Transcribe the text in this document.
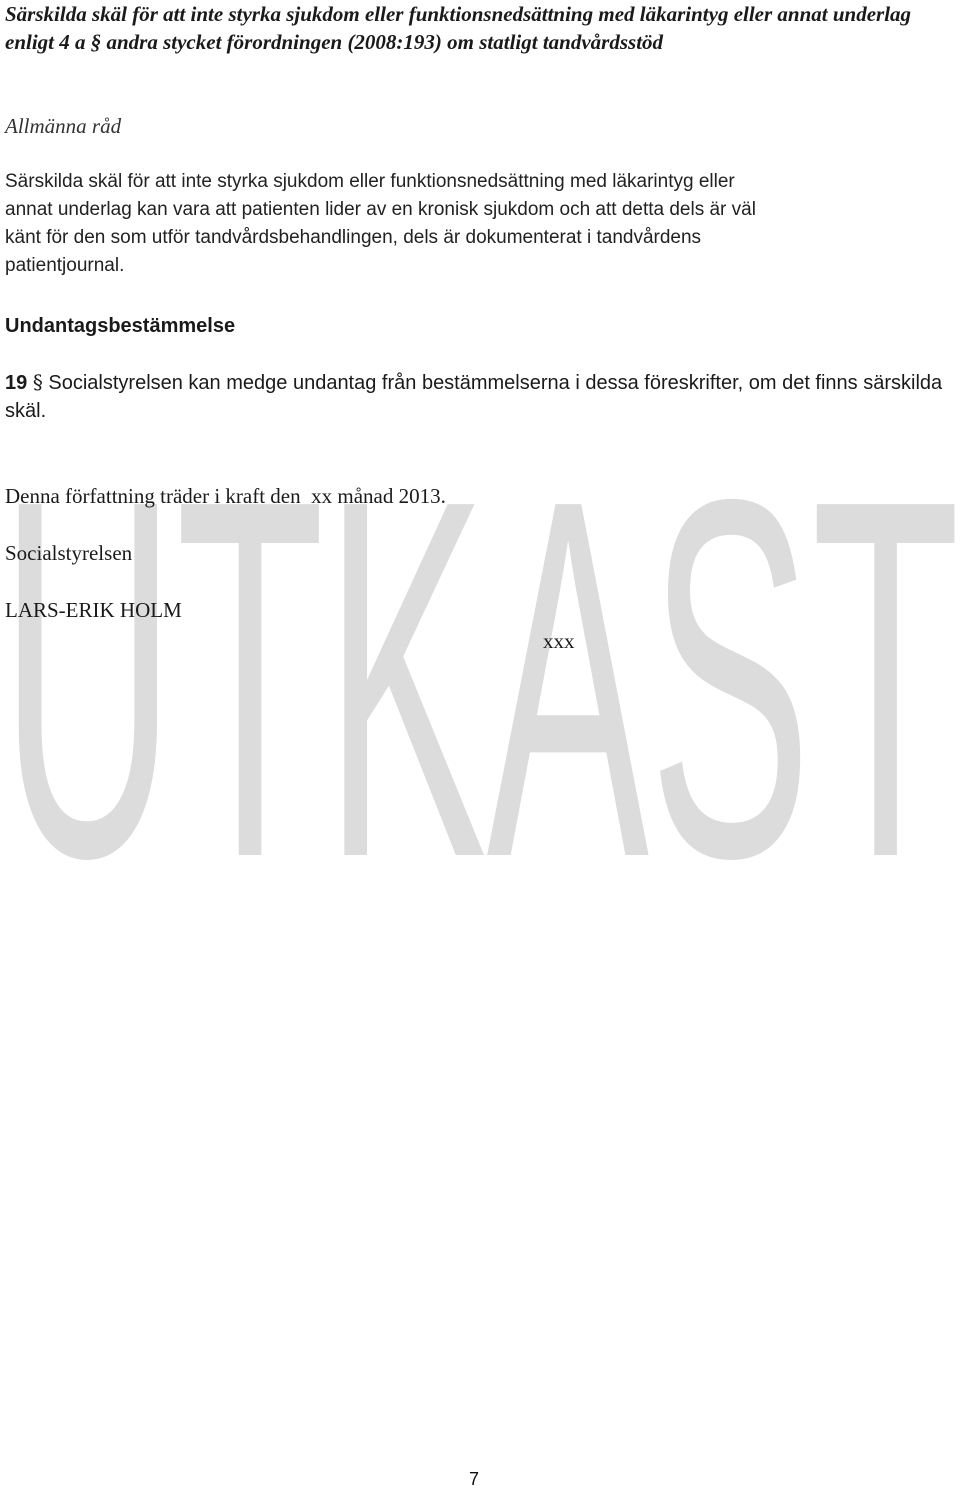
UTKAST

Särskilda skäl för att inte styrka sjukdom eller funktionsnedsättning med läkarintyg eller annat underlag enligt 4 a § andra stycket förordningen (2008:193) om statligt tandvårdsstöd

Allmänna råd

Särskilda skäl för att inte styrka sjukdom eller funktionsnedsättning med läkarintyg eller annat underlag kan vara att patienten lider av en kronisk sjukdom och att detta dels är väl känt för den som utför tandvårdsbehandlingen, dels är dokumenterat i tandvårdens patientjournal.

Undantagsbestämmelse

19 § Socialstyrelsen kan medge undantag från bestämmelserna i dessa föreskrifter, om det finns särskilda skäl.

Denna författning träder i kraft den  xx månad 2013.

Socialstyrelsen

LARS-ERIK HOLM

xxx

7
